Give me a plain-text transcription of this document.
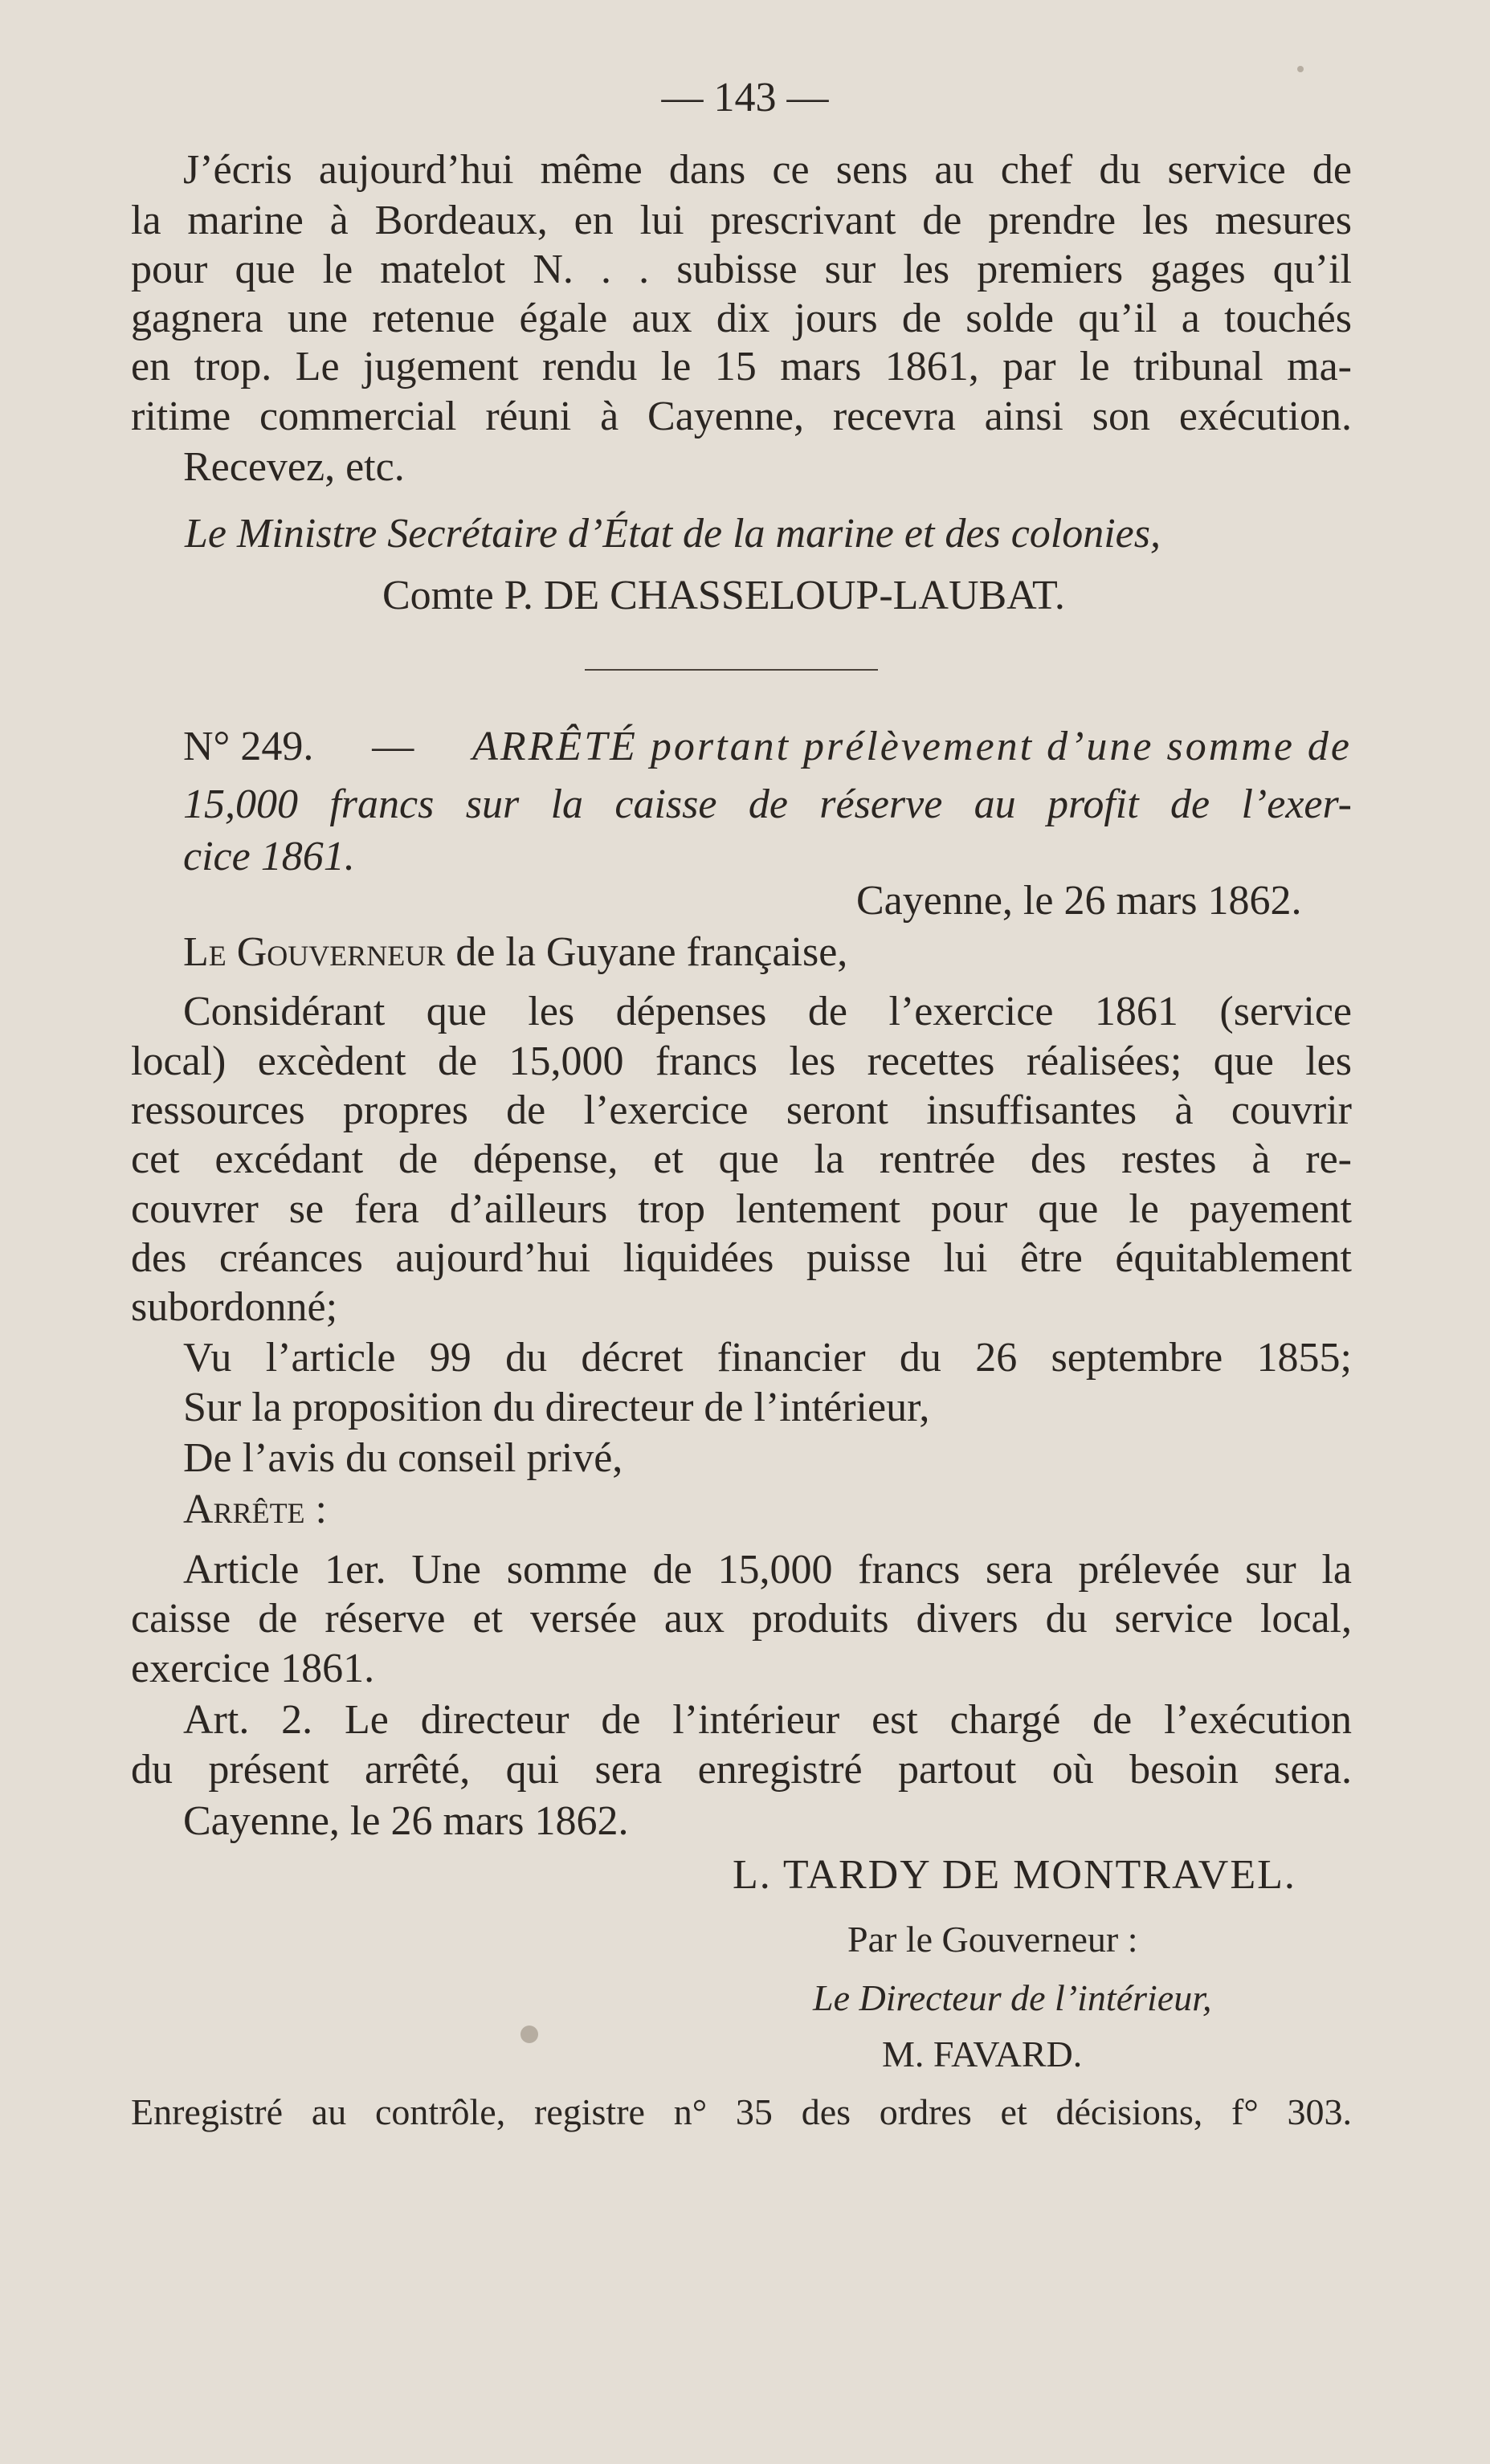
— 143 —
J’écris aujourd’hui même dans ce sens au chef du service de
la marine à Bordeaux, en lui prescrivant de prendre les mesures
pour que le matelot N. . . subisse sur les premiers gages qu’il
gagnera une retenue égale aux dix jours de solde qu’il a touchés
en trop. Le jugement rendu le 15 mars 1861, par le tribunal ma-
ritime commercial réuni à Cayenne, recevra ainsi son exécution.
Recevez, etc.
Le Ministre Secrétaire d’État de la marine et des colonies,
Comte P. DE CHASSELOUP-LAUBAT.
N° 249. — ARRÊTÉ portant prélèvement d’une somme de
15,000 francs sur la caisse de réserve au profit de l’exer-
cice 1861.
Cayenne, le 26 mars 1862.
Le Gouverneur de la Guyane française,
Considérant que les dépenses de l’exercice 1861 (service
local) excèdent de 15,000 francs les recettes réalisées; que les
ressources propres de l’exercice seront insuffisantes à couvrir
cet excédant de dépense, et que la rentrée des restes à re-
couvrer se fera d’ailleurs trop lentement pour que le payement
des créances aujourd’hui liquidées puisse lui être équitablement
subordonné;
Vu l’article 99 du décret financier du 26 septembre 1855;
Sur la proposition du directeur de l’intérieur,
De l’avis du conseil privé,
Arrête :
Article 1er. Une somme de 15,000 francs sera prélevée sur la
caisse de réserve et versée aux produits divers du service local,
exercice 1861.
Art. 2. Le directeur de l’intérieur est chargé de l’exécution
du présent arrêté, qui sera enregistré partout où besoin sera.
Cayenne, le 26 mars 1862.
L. TARDY DE MONTRAVEL.
Par le Gouverneur :
Le Directeur de l’intérieur,
M. FAVARD.
Enregistré au contrôle, registre n° 35 des ordres et décisions, f° 303.
